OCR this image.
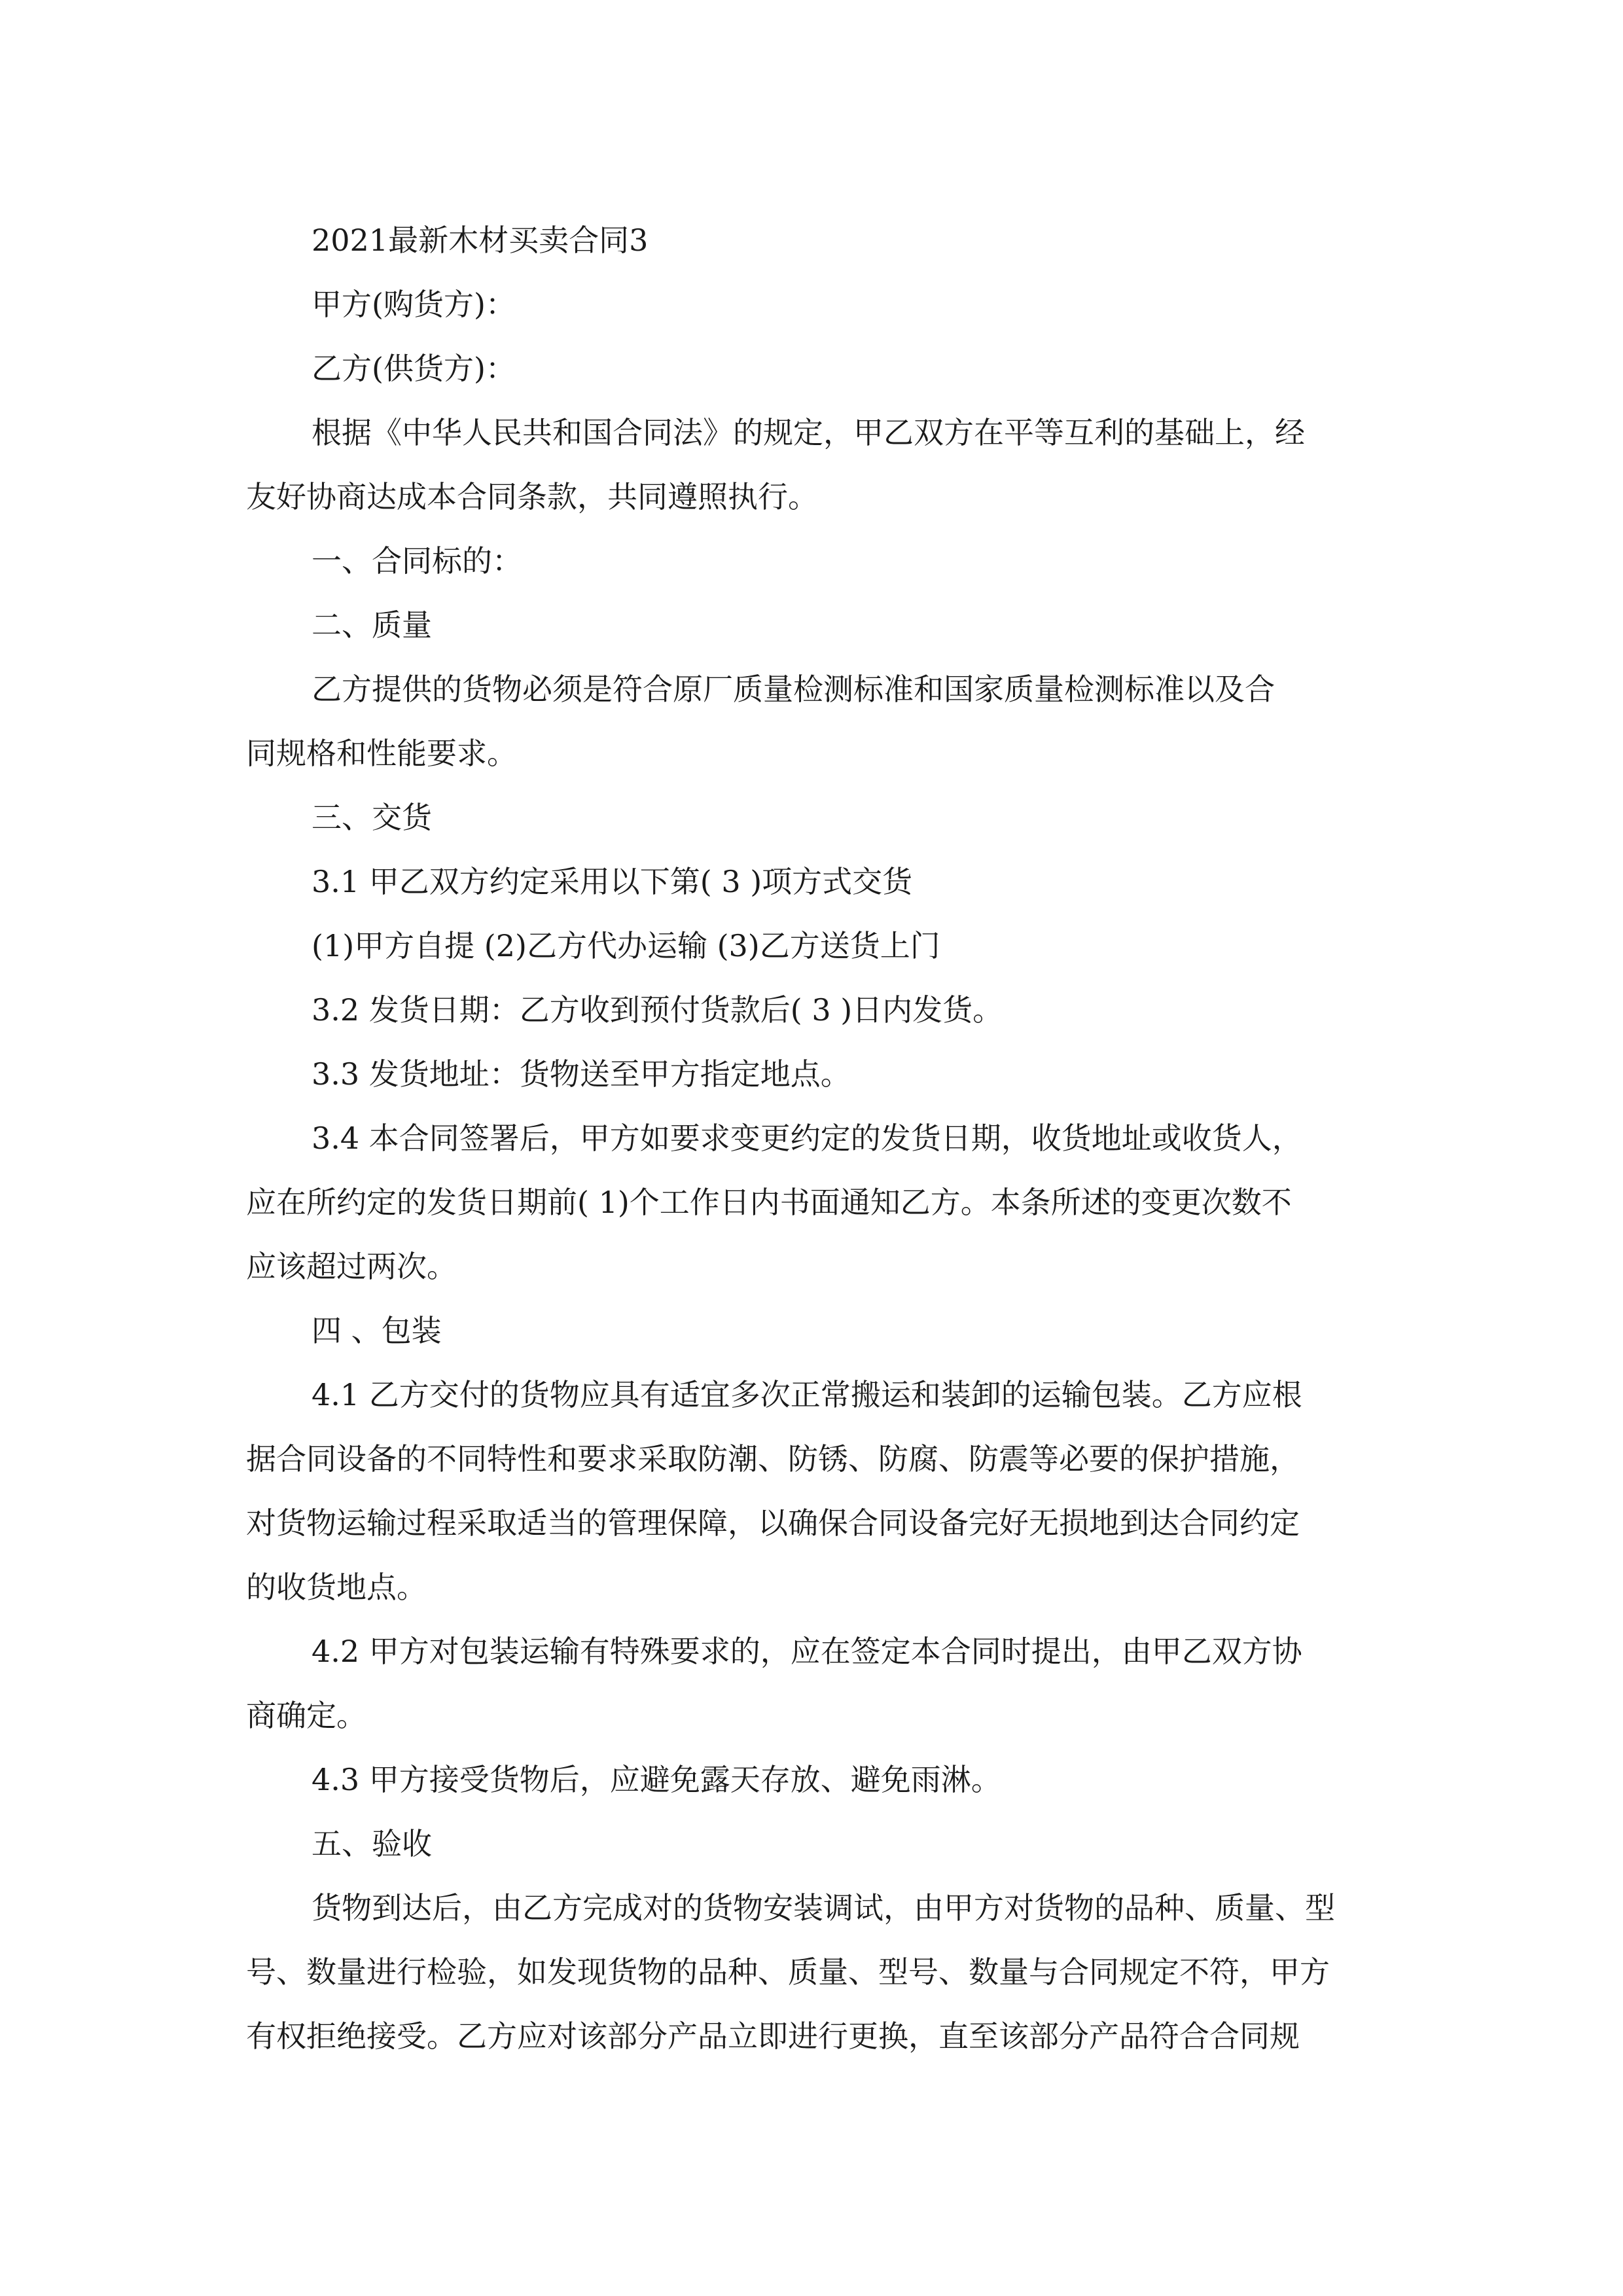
2021最新木材买卖合同3
甲方(购货方)：
乙方(供货方)：
根据《中华人民共和国合同法》的规定，甲乙双方在平等互利的基础上，经
友好协商达成本合同条款，共同遵照执行。
一、合同标的：
二、质量
乙方提供的货物必须是符合原厂质量检测标准和国家质量检测标准以及合
同规格和性能要求。
三、交货
3.1 甲乙双方约定采用以下第( 3 )项方式交货
(1)甲方自提 (2)乙方代办运输 (3)乙方送货上门
3.2 发货日期：乙方收到预付货款后( 3 )日内发货。
3.3 发货地址：货物送至甲方指定地点。
3.4 本合同签署后，甲方如要求变更约定的发货日期，收货地址或收货人，
应在所约定的发货日期前( 1)个工作日内书面通知乙方。本条所述的变更次数不
应该超过两次。
四 、包装
4.1 乙方交付的货物应具有适宜多次正常搬运和装卸的运输包装。乙方应根
据合同设备的不同特性和要求采取防潮、防锈、防腐、防震等必要的保护措施，
对货物运输过程采取适当的管理保障，以确保合同设备完好无损地到达合同约定
的收货地点。
4.2 甲方对包装运输有特殊要求的，应在签定本合同时提出，由甲乙双方协
商确定。
4.3 甲方接受货物后，应避免露天存放、避免雨淋。
五、验收
货物到达后，由乙方完成对的货物安装调试，由甲方对货物的品种、质量、型
号、数量进行检验，如发现货物的品种、质量、型号、数量与合同规定不符，甲方
有权拒绝接受。乙方应对该部分产品立即进行更换，直至该部分产品符合合同规
